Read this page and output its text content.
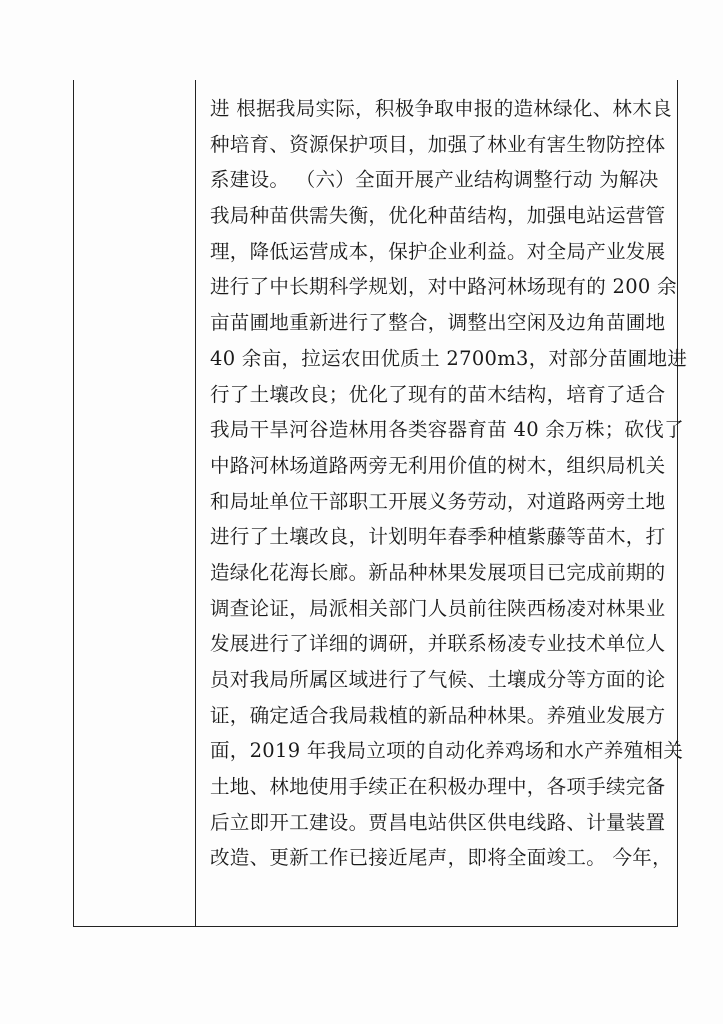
进 根据我局实际，积极争取申报的造林绿化、林木良
种培育、资源保护项目，加强了林业有害生物防控体
系建设。 （六）全面开展产业结构调整行动 为解决
我局种苗供需失衡，优化种苗结构，加强电站运营管
理，降低运营成本，保护企业利益。对全局产业发展
进行了中长期科学规划，对中路河林场现有的 200 余
亩苗圃地重新进行了整合，调整出空闲及边角苗圃地
40 余亩，拉运农田优质土 2700m3，对部分苗圃地进
行了土壤改良；优化了现有的苗木结构，培育了适合
我局干旱河谷造林用各类容器育苗 40 余万株；砍伐了
中路河林场道路两旁无利用价值的树木，组织局机关
和局址单位干部职工开展义务劳动，对道路两旁土地
进行了土壤改良，计划明年春季种植紫藤等苗木，打
造绿化花海长廊。新品种林果发展项目已完成前期的
调查论证，局派相关部门人员前往陕西杨凌对林果业
发展进行了详细的调研，并联系杨凌专业技术单位人
员对我局所属区域进行了气候、土壤成分等方面的论
证，确定适合我局栽植的新品种林果。养殖业发展方
面，2019 年我局立项的自动化养鸡场和水产养殖相关
土地、林地使用手续正在积极办理中，各项手续完备
后立即开工建设。贾昌电站供区供电线路、计量装置
改造、更新工作已接近尾声，即将全面竣工。 今年，
